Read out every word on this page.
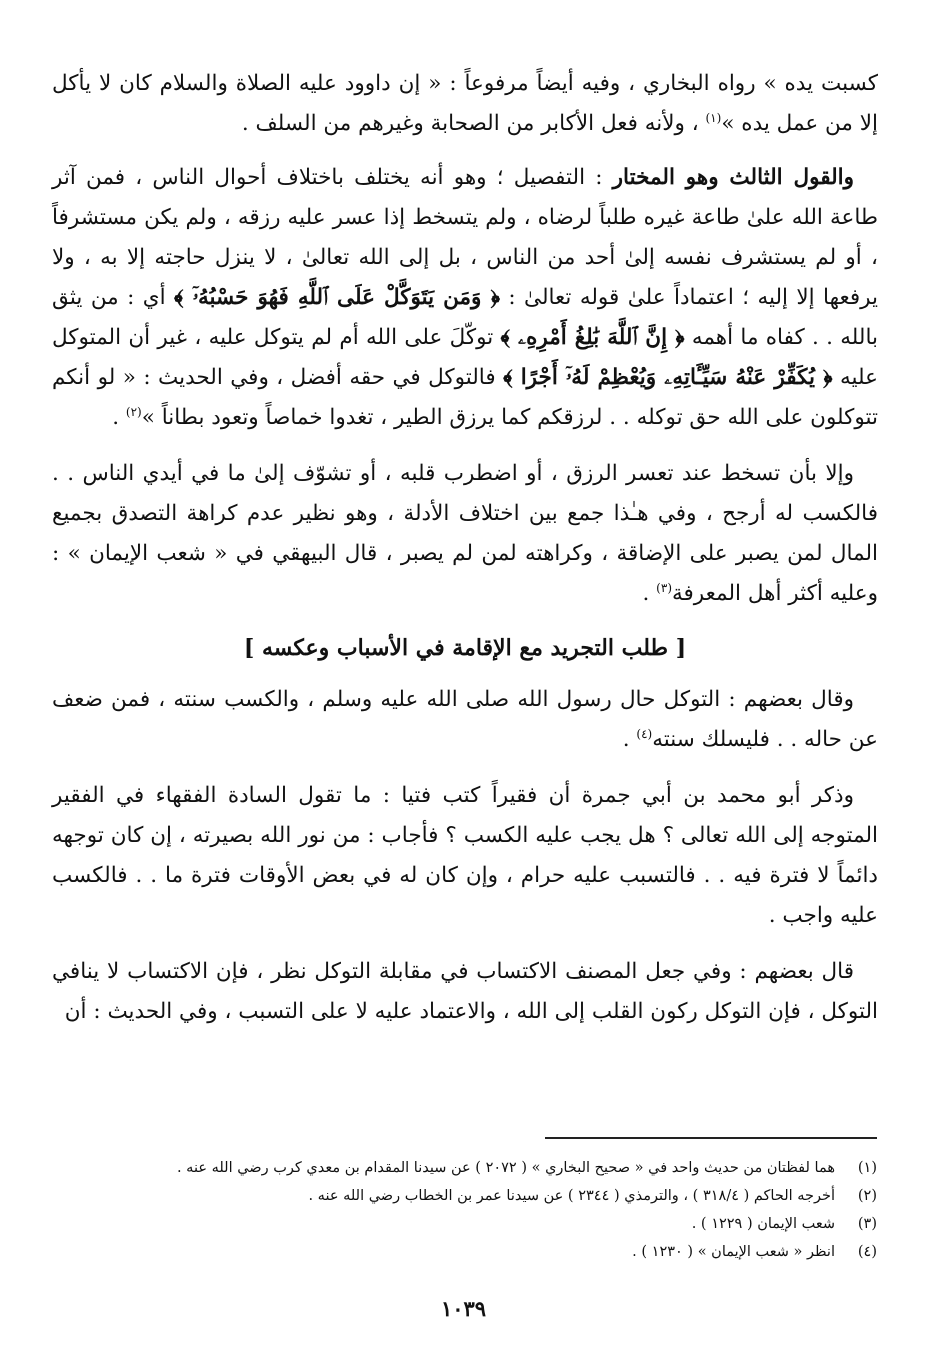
كسبت يده » رواه البخاري ، وفيه أيضاً مرفوعاً : « إن داوود عليه الصلاة والسلام كان لا يأكل إلا من عمل يده »$^{(١)}$ ، ولأنه فعل الأكابر من الصحابة وغيرهم من السلف .

والقول الثالث وهو المختار : التفصيل ؛ وهو أنه يختلف باختلاف أحوال الناس ، فمن آثر طاعة الله علىٰ طاعة غيره طلباً لرضاه ، ولم يتسخط إذا عسر عليه رزقه ، ولم يكن مستشرفاً ، أو لم يستشرف نفسه إلىٰ أحد من الناس ، بل إلى الله تعالىٰ ، لا ينزل حاجته إلا به ، ولا يرفعها إلا إليه ؛ اعتماداً علىٰ قوله تعالىٰ : ﴿ وَمَن يَتَوَكَّلْ عَلَى ٱللَّهِ فَهُوَ حَسْبُهُۥٓ ﴾ أي : من يثق بالله . . كفاه ما أهمه ﴿ إِنَّ ٱللَّهَ بَٰلِغُ أَمْرِهِۦ ﴾ توكّلَ على الله أم لم يتوكل عليه ، غير أن المتوكل عليه ﴿ يُكَفِّرْ عَنْهُ سَيِّـَٔاتِهِۦ وَيُعْظِمْ لَهُۥٓ أَجْرًا ﴾ فالتوكل في حقه أفضل ، وفي الحديث : « لو أنكم تتوكلون على الله حق توكله . . لرزقكم كما يرزق الطير ، تغدوا خماصاً وتعود بطاناً »$^{(٢)}$ .

وإلا بأن تسخط عند تعسر الرزق ، أو اضطرب قلبه ، أو تشوّف إلىٰ ما في أيدي الناس . . فالكسب له أرجح ، وفي هـٰذا جمع بين اختلاف الأدلة ، وهو نظير عدم كراهة التصدق بجميع المال لمن يصبر على الإضاقة ، وكراهته لمن لم يصبر ، قال البيهقي في « شعب الإيمان » : وعليه أكثر أهل المعرفة$^{(٣)}$ .

[ طلب التجريد مع الإقامة في الأسباب وعكسه ]

وقال بعضهم : التوكل حال رسول الله صلى الله عليه وسلم ، والكسب سنته ، فمن ضعف عن حاله . . فليسلك سنته$^{(٤)}$ .

وذكر أبو محمد بن أبي جمرة أن فقيراً كتب فتيا : ما تقول السادة الفقهاء في الفقير المتوجه إلى الله تعالى ؟ هل يجب عليه الكسب ؟ فأجاب : من نور الله بصيرته ، إن كان توجهه دائماً لا فترة فيه . . فالتسبب عليه حرام ، وإن كان له في بعض الأوقات فترة ما . . فالكسب عليه واجب .

قال بعضهم : وفي جعل المصنف الاكتساب في مقابلة التوكل نظر ، فإن الاكتساب لا ينافي التوكل ، فإن التوكل ركون القلب إلى الله ، والاعتماد عليه لا على التسبب ، وفي الحديث : أن

(١)
هما لفظتان من حديث واحد في « صحيح البخاري » ( ٢٠٧٢ ) عن سيدنا المقدام بن معدي كرب رضي الله عنه .
(٢)
أخرجه الحاكم ( ٣١٨/٤ ) ، والترمذي ( ٢٣٤٤ ) عن سيدنا عمر بن الخطاب رضي الله عنه .
(٣)
شعب الإيمان ( ١٢٢٩ ) .
(٤)
انظر « شعب الإيمان » ( ١٢٣٠ ) .
١٠٣٩
